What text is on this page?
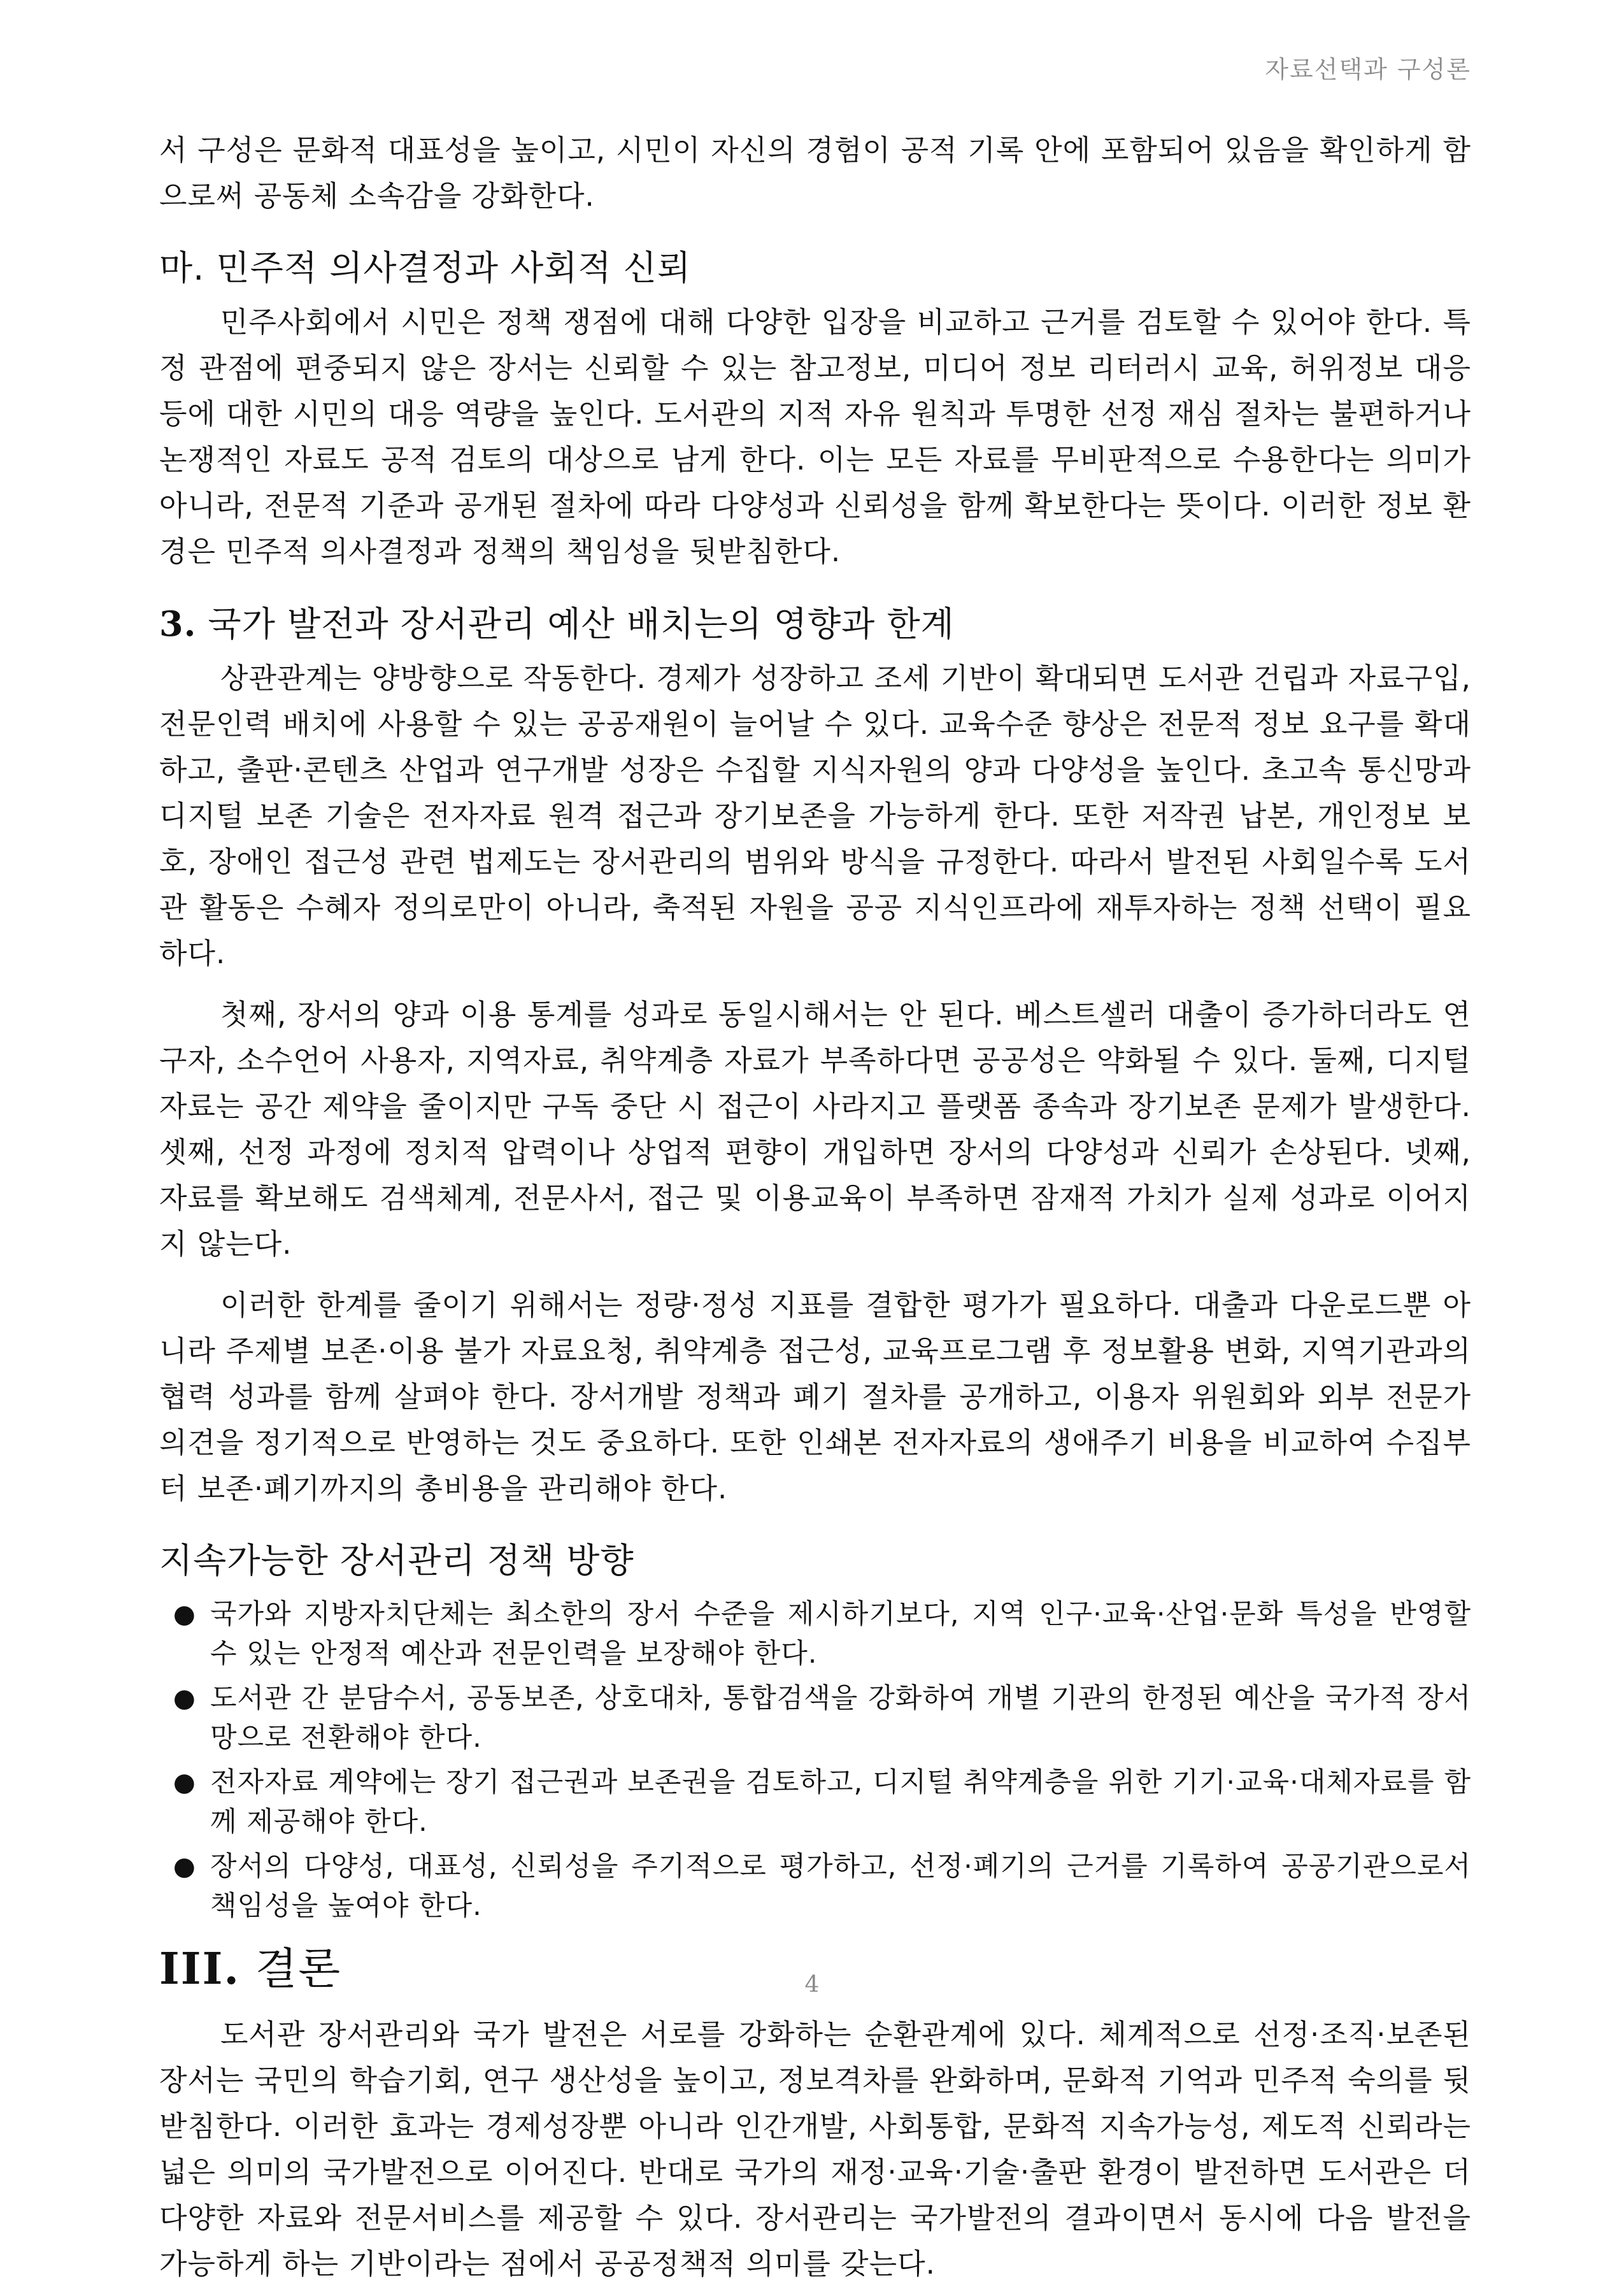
자료선택과 구성론

서 구성은 문화적 대표성을 높이고, 시민이 자신의 경험이 공적 기록 안에 포함되어 있음을 확인하게 함으로써 공동체 소속감을 강화한다.

마. 민주적 의사결정과 사회적 신뢰

민주사회에서 시민은 정책 쟁점에 대해 다양한 입장을 비교하고 근거를 검토할 수 있어야 한다. 특정 관점에 편중되지 않은 장서는 신뢰할 수 있는 참고정보, 미디어 정보 리터러시 교육, 허위정보 대응 등에 대한 시민의 대응 역량을 높인다. 도서관의 지적 자유 원칙과 투명한 선정 재심 절차는 불편하거나 논쟁적인 자료도 공적 검토의 대상으로 남게 한다. 이는 모든 자료를 무비판적으로 수용한다는 의미가 아니라, 전문적 기준과 공개된 절차에 따라 다양성과 신뢰성을 함께 확보한다는 뜻이다. 이러한 정보 환경은 민주적 의사결정과 정책의 책임성을 뒷받침한다.

3. 국가 발전과 장서관리 예산 배치는의 영향과 한계

상관관계는 양방향으로 작동한다. 경제가 성장하고 조세 기반이 확대되면 도서관 건립과 자료구입, 전문인력 배치에 사용할 수 있는 공공재원이 늘어날 수 있다. 교육수준 향상은 전문적 정보 요구를 확대하고, 출판·콘텐츠 산업과 연구개발 성장은 수집할 지식자원의 양과 다양성을 높인다. 초고속 통신망과 디지털 보존 기술은 전자자료 원격 접근과 장기보존을 가능하게 한다. 또한 저작권 납본, 개인정보 보호, 장애인 접근성 관련 법제도는 장서관리의 범위와 방식을 규정한다. 따라서 발전된 사회일수록 도서관 활동은 수혜자 정의로만이 아니라, 축적된 자원을 공공 지식인프라에 재투자하는 정책 선택이 필요하다.

첫째, 장서의 양과 이용 통계를 성과로 동일시해서는 안 된다. 베스트셀러 대출이 증가하더라도 연구자, 소수언어 사용자, 지역자료, 취약계층 자료가 부족하다면 공공성은 약화될 수 있다. 둘째, 디지털 자료는 공간 제약을 줄이지만 구독 중단 시 접근이 사라지고 플랫폼 종속과 장기보존 문제가 발생한다. 셋째, 선정 과정에 정치적 압력이나 상업적 편향이 개입하면 장서의 다양성과 신뢰가 손상된다. 넷째, 자료를 확보해도 검색체계, 전문사서, 접근 및 이용교육이 부족하면 잠재적 가치가 실제 성과로 이어지지 않는다.

이러한 한계를 줄이기 위해서는 정량·정성 지표를 결합한 평가가 필요하다. 대출과 다운로드뿐 아니라 주제별 보존·이용 불가 자료요청, 취약계층 접근성, 교육프로그램 후 정보활용 변화, 지역기관과의 협력 성과를 함께 살펴야 한다. 장서개발 정책과 폐기 절차를 공개하고, 이용자 위원회와 외부 전문가 의견을 정기적으로 반영하는 것도 중요하다. 또한 인쇄본 전자자료의 생애주기 비용을 비교하여 수집부터 보존·폐기까지의 총비용을 관리해야 한다.

지속가능한 장서관리 정책 방향
● 국가와 지방자치단체는 최소한의 장서 수준을 제시하기보다, 지역 인구·교육·산업·문화 특성을 반영할 수 있는 안정적 예산과 전문인력을 보장해야 한다.
● 도서관 간 분담수서, 공동보존, 상호대차, 통합검색을 강화하여 개별 기관의 한정된 예산을 국가적 장서망으로 전환해야 한다.
● 전자자료 계약에는 장기 접근권과 보존권을 검토하고, 디지털 취약계층을 위한 기기·교육·대체자료를 함께 제공해야 한다.
● 장서의 다양성, 대표성, 신뢰성을 주기적으로 평가하고, 선정·폐기의 근거를 기록하여 공공기관으로서 책임성을 높여야 한다.
III. 결론

도서관 장서관리와 국가 발전은 서로를 강화하는 순환관계에 있다. 체계적으로 선정·조직·보존된 장서는 국민의 학습기회, 연구 생산성을 높이고, 정보격차를 완화하며, 문화적 기억과 민주적 숙의를 뒷받침한다. 이러한 효과는 경제성장뿐 아니라 인간개발, 사회통합, 문화적 지속가능성, 제도적 신뢰라는 넓은 의미의 국가발전으로 이어진다. 반대로 국가의 재정·교육·기술·출판 환경이 발전하면 도서관은 더 다양한 자료와 전문서비스를 제공할 수 있다. 장서관리는 국가발전의 결과이면서 동시에 다음 발전을 가능하게 하는 기반이라는 점에서 공공정책적 의미를 갖는다.

4
